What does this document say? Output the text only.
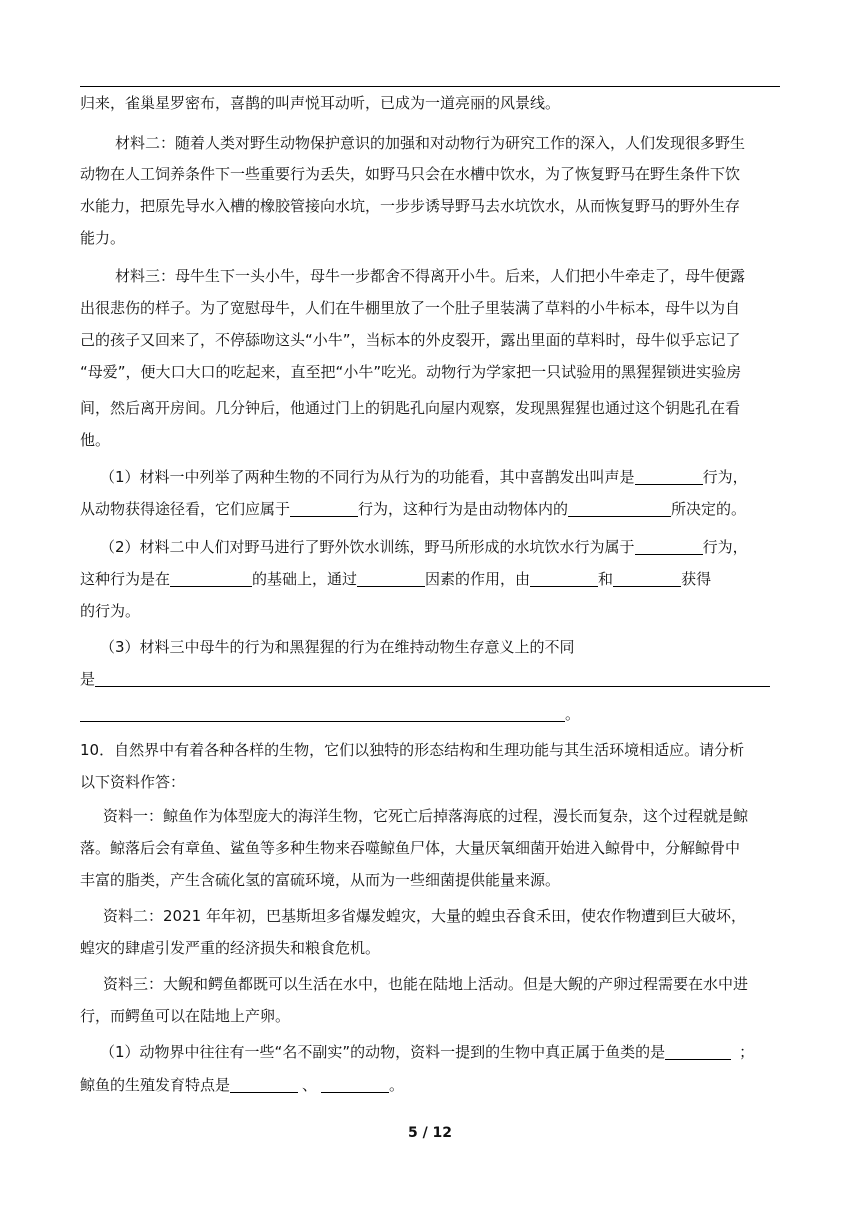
归来，雀巢星罗密布，喜鹊的叫声悦耳动听，已成为一道亮丽的风景线。
材料二：随着人类对野生动物保护意识的加强和对动物行为研究工作的深入，人们发现很多野生
动物在人工饲养条件下一些重要行为丢失，如野马只会在水槽中饮水，为了恢复野马在野生条件下饮
水能力，把原先导水入槽的橡胶管接向水坑，一步步诱导野马去水坑饮水，从而恢复野马的野外生存
能力。
材料三：母牛生下一头小牛，母牛一步都舍不得离开小牛。后来，人们把小牛牵走了，母牛便露
出很悲伤的样子。为了宽慰母牛，人们在牛棚里放了一个肚子里装满了草料的小牛标本，母牛以为自
己的孩子又回来了，不停舔吻这头“小牛”，当标本的外皮裂开，露出里面的草料时，母牛似乎忘记了
“母爱”，便大口大口的吃起来，直至把“小牛”吃光。动物行为学家把一只试验用的黑猩猩锁进实验房
间，然后离开房间。几分钟后，他通过门上的钥匙孔向屋内观察，发现黑猩猩也通过这个钥匙孔在看
他。
（1）材料一中列举了两种生物的不同行为从行为的功能看，其中喜鹊发出叫声是	行为，
从动物获得途径看，它们应属于	行为，这种行为是由动物体内的	所决定的。
（2）材料二中人们对野马进行了野外饮水训练，野马所形成的水坑饮水行为属于	行为，
这种行为是在	的基础上，通过	因素的作用，由	和	获得
的行为。
（3）材料三中母牛的行为和黑猩猩的行为在维持动物生存意义上的不同
是
。
10．自然界中有着各种各样的生物，它们以独特的形态结构和生理功能与其生活环境相适应。请分析
以下资料作答：
资料一：鲸鱼作为体型庞大的海洋生物，它死亡后掉落海底的过程，漫长而复杂，这个过程就是鲸
落。鲸落后会有章鱼、鲨鱼等多种生物来吞噬鲸鱼尸体，大量厌氧细菌开始进入鲸骨中，分解鲸骨中
丰富的脂类，产生含硫化氢的富硫环境，从而为一些细菌提供能量来源。
资料二：2021 年年初，巴基斯坦多省爆发蝗灾，大量的蝗虫吞食禾田，使农作物遭到巨大破坏，
蝗灾的肆虐引发严重的经济损失和粮食危机。
资料三：大鲵和鳄鱼都既可以生活在水中，也能在陆地上活动。但是大鲵的产卵过程需要在水中进
行，而鳄鱼可以在陆地上产卵。
（1）动物界中往往有一些“名不副实”的动物，资料一提到的生物中真正属于鱼类的是	；
鲸鱼的生殖发育特点是	、	。
5 / 12
